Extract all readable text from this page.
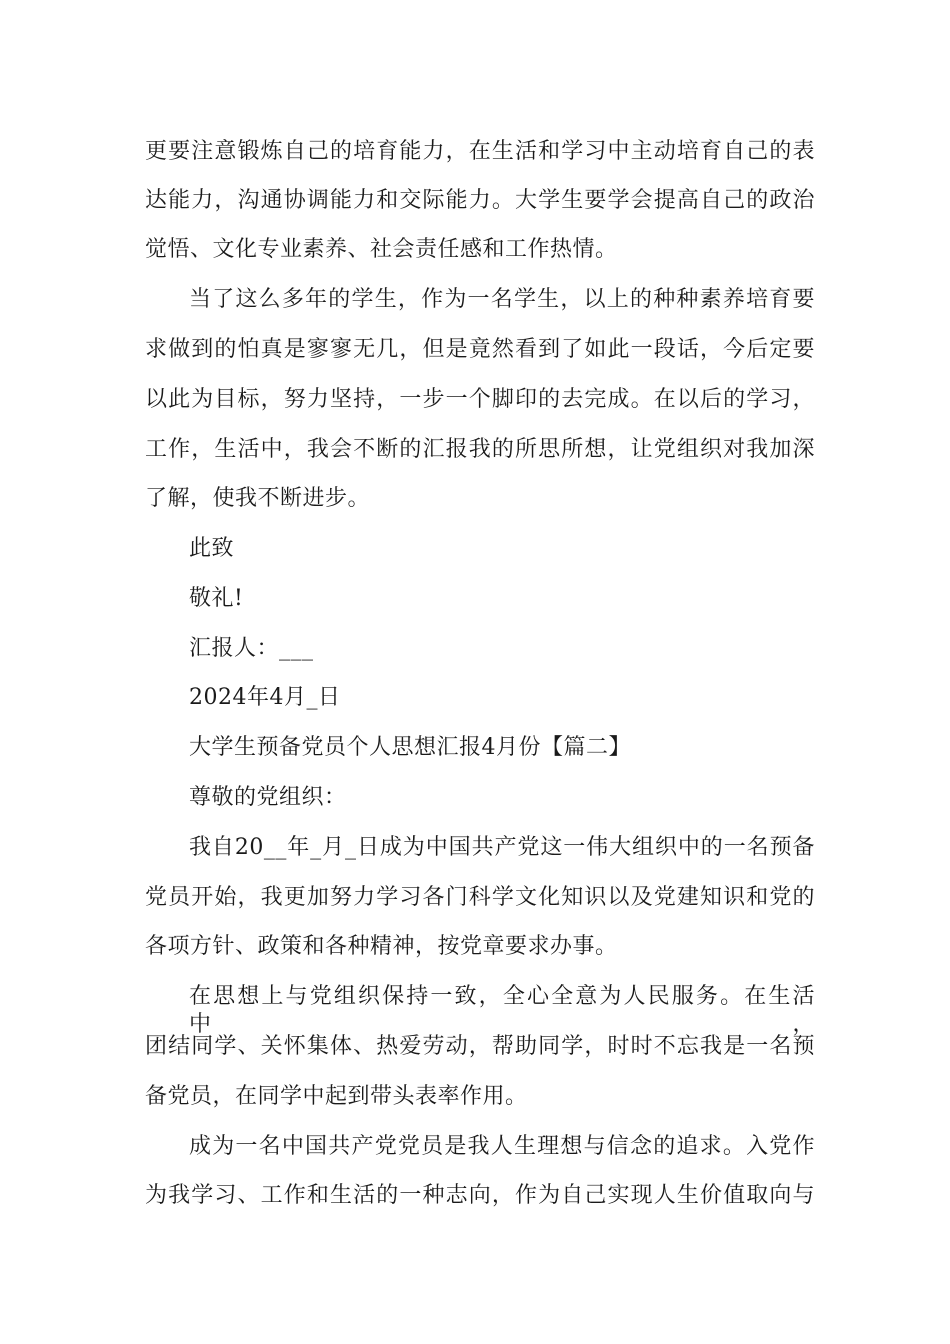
更要注意锻炼自己的培育能力，在生活和学习中主动培育自己的表
达能力，沟通协调能力和交际能力。大学生要学会提高自己的政治
觉悟、文化专业素养、社会责任感和工作热情。
当了这么多年的学生，作为一名学生，以上的种种素养培育要
求做到的怕真是寥寥无几，但是竟然看到了如此一段话，今后定要
以此为目标，努力坚持，一步一个脚印的去完成。在以后的学习，
工作，生活中，我会不断的汇报我的所思所想，让党组织对我加深
了解，使我不断进步。
此致
敬礼!
汇报人：___
2024年4月_日
大学生预备党员个人思想汇报4月份【篇二】
尊敬的党组织：
我自20__年_月_日成为中国共产党这一伟大组织中的一名预备
党员开始，我更加努力学习各门科学文化知识以及党建知识和党的
各项方针、政策和各种精神，按党章要求办事。
在思想上与党组织保持一致，全心全意为人民服务。在生活中，
团结同学、关怀集体、热爱劳动，帮助同学，时时不忘我是一名预
备党员，在同学中起到带头表率作用。
成为一名中国共产党党员是我人生理想与信念的追求。入党作
为我学习、工作和生活的一种志向，作为自己实现人生价值取向与
